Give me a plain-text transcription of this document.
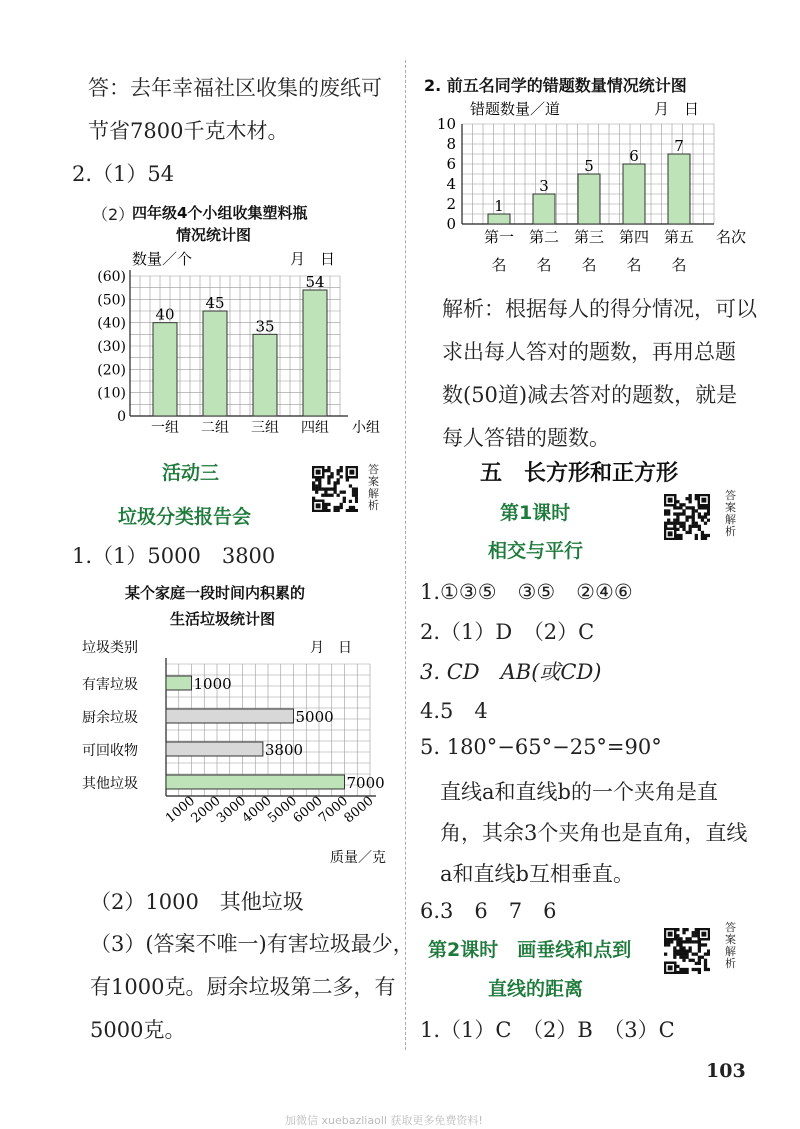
答：去年幸福社区收集的废纸可
节省7800千克木材。
2.（1）54
（2）
四年级4个小组收集塑料瓶
情况统计图
0
(10)
(20)
(30)
(40)
(50)
(60)
数量／个	月　日
40
一组
45
二组
35
三组
54
四组 小组
活动三
垃圾分类报告会
答
案
解
析
1.（1）5000　3800
某个家庭一段时间内积累的
生活垃圾统计图
垃圾类别	月　日
1000
有害垃圾
5000
厨余垃圾
3800
可回收物
7000
其他垃圾
1000
2000
3000
4000
5000
6000
7000
8000
质量／克
（2）1000　其他垃圾
（3）(答案不唯一)有害垃圾最少，
有1000克。厨余垃圾第二多，有
5000克。
2. 前五名同学的错题数量情况统计图
0
2
4
6
8
10
错题数量／道	月　日
1
第一
名
3
第二
名
5
第三
名
6
第四
名
7
第五
名
名次
解析：根据每人的得分情况，可以
求出每人答对的题数，再用总题
数(50道)减去答对的题数，就是
每人答错的题数。
五　长方形和正方形
第1课时
相交与平行
答
案
解
析
1.①③⑤　③⑤　②④⑥
2.（1）D　（2）C
3. CD　AB(或CD)
4.5　4
5. 180°−65°−25°=90°
直线a和直线b的一个夹角是直
角，其余3个夹角也是直角，直线
a和直线b互相垂直。
6.3　6　7　6
第2课时　画垂线和点到
直线的距离
答
案
解
析
1.（1）C　（2）B　（3）C
103
加微信 xuebazliaoll 获取更多免费资料!
